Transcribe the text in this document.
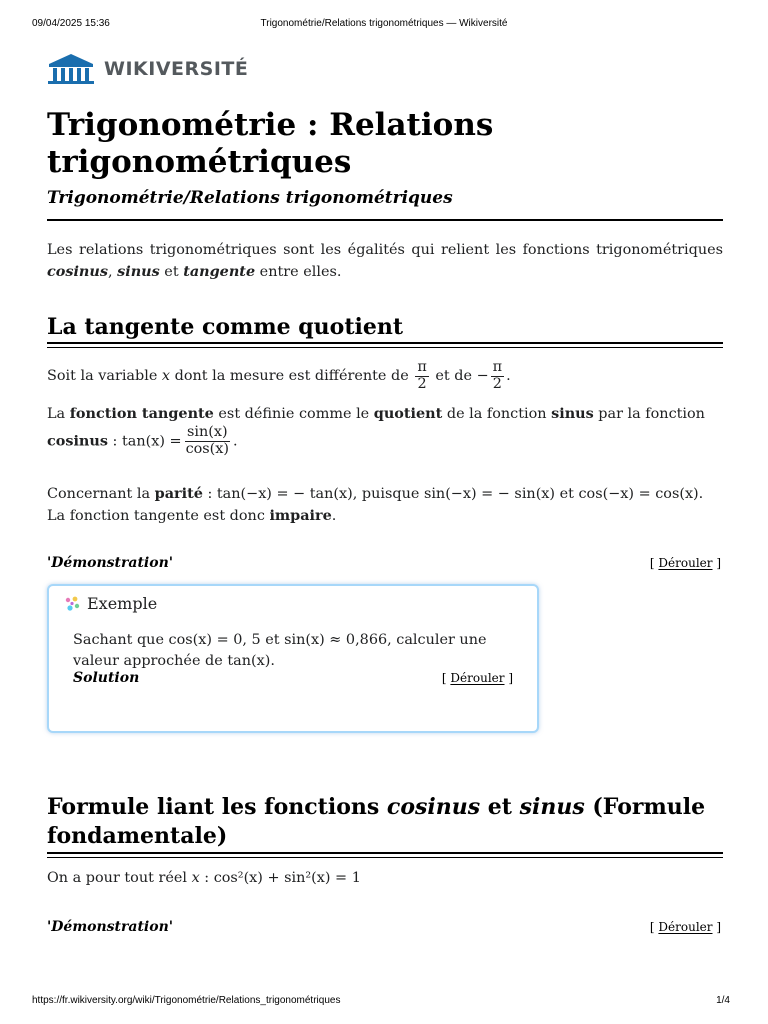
09/04/2025 15:36	Trigonométrie/Relations trigonométriques — Wikiversité
WIKIVERSITÉ
Trigonométrie : Relations trigonométriques

Trigonométrie/Relations trigonométriques

Les relations trigonométriques sont les égalités qui relient les fonctions trigonométriques cosinus, sinus et tangente entre elles.

La tangente comme quotient

Soit la variable x dont la mesure est différente de $\frac{\pi}{2}$ et de − $\frac{\pi}{2}$ .

La fonction tangente est définie comme le quotient de la fonction sinus par la fonction
cosinus : $\tan(x) = \frac{\sin(x)}{\cos(x)}$ .

Concernant la parité : tan(−x) = − tan(x), puisque sin(−x) = − sin(x) et cos(−x) = cos(x).
La fonction tangente est donc impaire.

'Démonstration'	[ Dérouler ]
Exemple

Sachant que cos(x) = 0, 5 et sin(x) ≈ 0,866, calculer une valeur approchée de tan(x).

Solution	[ Dérouler ]
Formule liant les fonctions cosinus et sinus (Formule fondamentale)

On a pour tout réel x : cos²(x) + sin²(x) = 1

'Démonstration'	[ Dérouler ]
https://fr.wikiversity.org/wiki/Trigonométrie/Relations_trigonométriques	1/4
